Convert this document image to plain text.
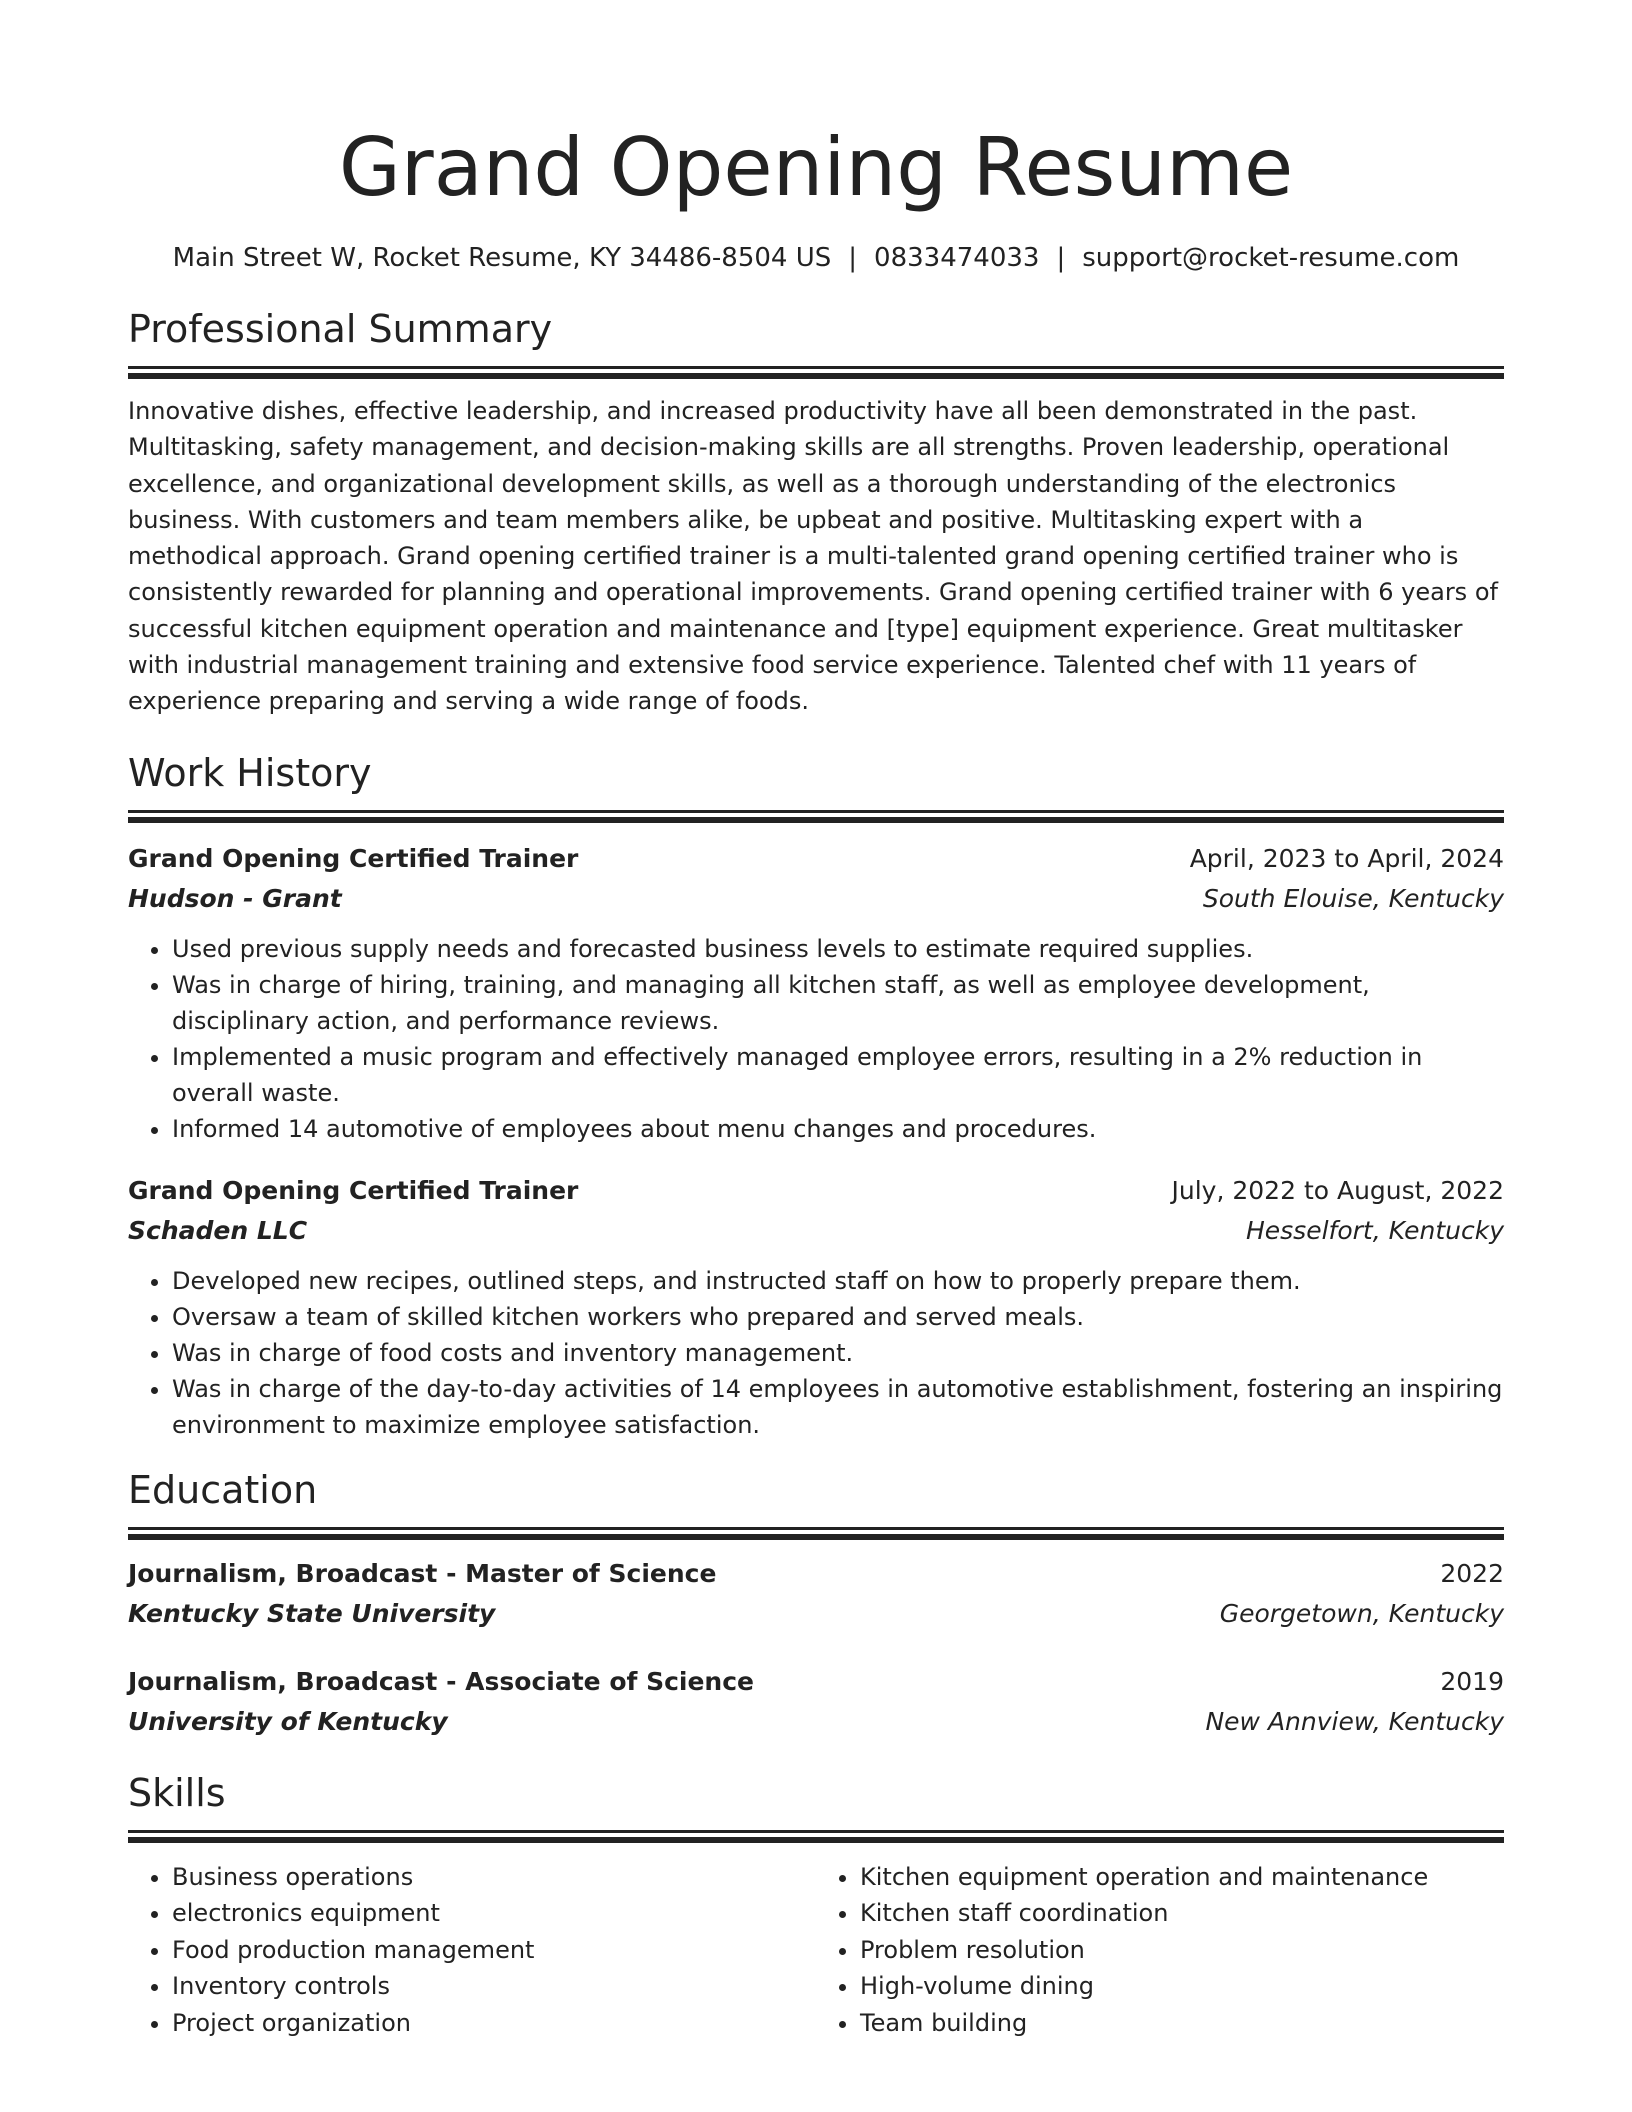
Grand Opening Resume
Main Street W, Rocket Resume, KY 34486-8504 US | 0833474033 | support@rocket-resume.com
Professional Summary
Innovative dishes, effective leadership, and increased productivity have all been demonstrated in the past. Multitasking, safety management, and decision-making skills are all strengths. Proven leadership, operational excellence, and organizational development skills, as well as a thorough understanding of the electronics business. With customers and team members alike, be upbeat and positive. Multitasking expert with a methodical approach. Grand opening certified trainer is a multi-talented grand opening certified trainer who is consistently rewarded for planning and operational improvements. Grand opening certified trainer with 6 years of successful kitchen equipment operation and maintenance and [type] equipment experience. Great multitasker with industrial management training and extensive food service experience. Talented chef with 11 years of experience preparing and serving a wide range of foods.
Work History
Grand Opening Certified Trainer	April, 2023 to April, 2024
Hudson - Grant	South Elouise, Kentucky
• Used previous supply needs and forecasted business levels to estimate required supplies.
• Was in charge of hiring, training, and managing all kitchen staff, as well as employee development, disciplinary action, and performance reviews.
• Implemented a music program and effectively managed employee errors, resulting in a 2% reduction in overall waste.
• Informed 14 automotive of employees about menu changes and procedures.
Grand Opening Certified Trainer	July, 2022 to August, 2022
Schaden LLC	Hesselfort, Kentucky
• Developed new recipes, outlined steps, and instructed staff on how to properly prepare them.
• Oversaw a team of skilled kitchen workers who prepared and served meals.
• Was in charge of food costs and inventory management.
• Was in charge of the day-to-day activities of 14 employees in automotive establishment, fostering an inspiring environment to maximize employee satisfaction.
Education
Journalism, Broadcast - Master of Science	2022
Kentucky State University	Georgetown, Kentucky
Journalism, Broadcast - Associate of Science	2019
University of Kentucky	New Annview, Kentucky
Skills
• Business operations
• electronics equipment
• Food production management
• Inventory controls
• Project organization
• Kitchen equipment operation and maintenance
• Kitchen staff coordination
• Problem resolution
• High-volume dining
• Team building
